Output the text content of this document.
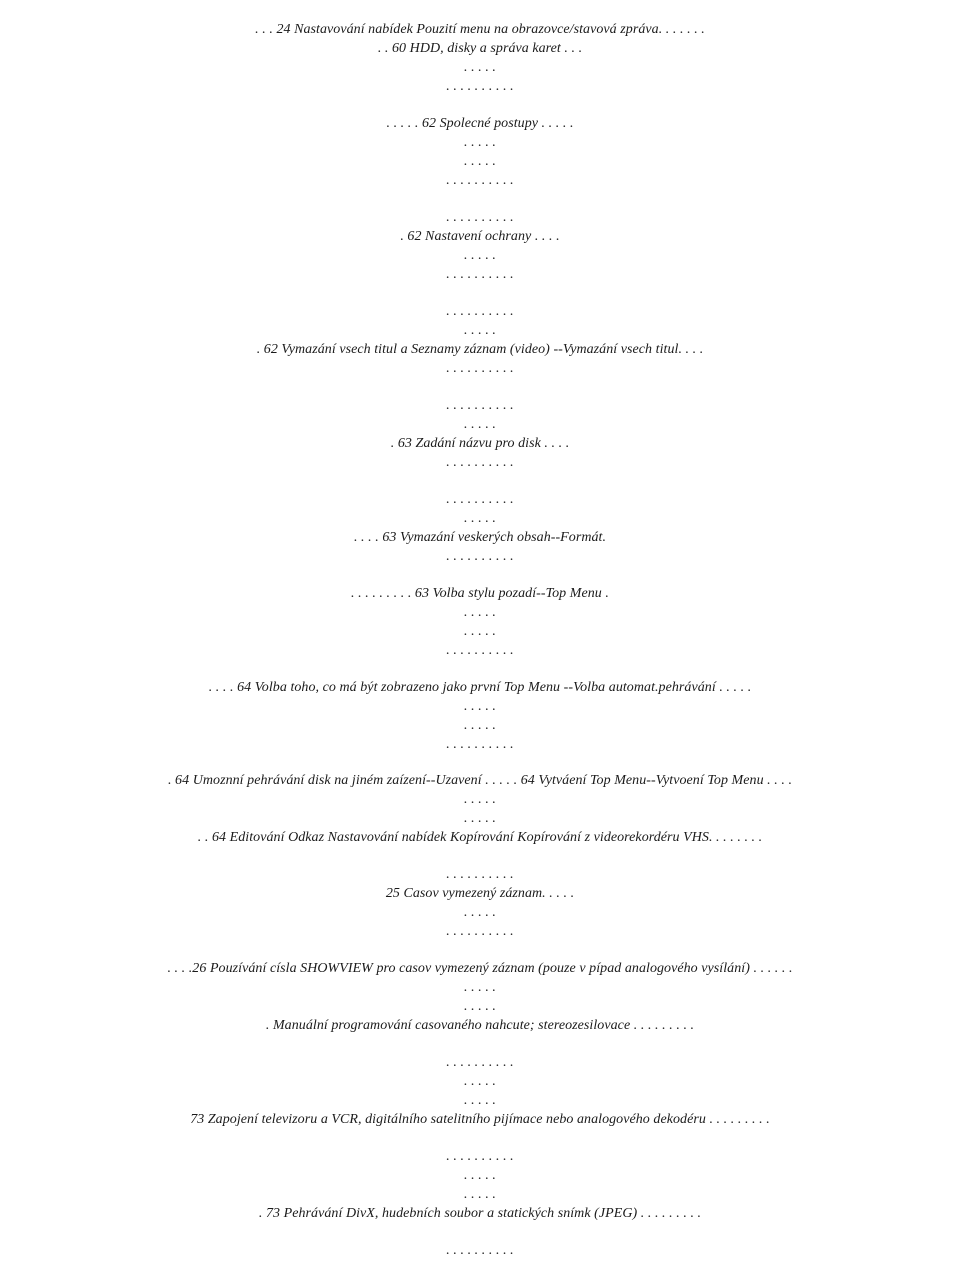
. . . 24 Nastavování nabídek Pouzití menu na obrazovce/stavová zpráva. . . . . . .
. . 60 HDD, disky a správa karet . . .
. . . . .
. . . . . . . . . .
. . . . . 62 Spolecné postupy . . . . .
. . . . .
. . . . .
. . . . . . . . . .
. . . . . . . . . .
. 62 Nastavení ochrany . . . .
. . . . .
. . . . . . . . . .
. . . . . . . . . .
. . . . .
. 62 Vymazání vsech titul a Seznamy záznam (video) --Vymazání vsech titul. . . .
. . . . . . . . . .
. . . . . . . . . .
. . . . .
. 63 Zadání názvu pro disk . . . .
. . . . . . . . . .
. . . . . . . . . .
. . . . .
. . . . 63 Vymazání veskerých obsah--Formát.
. . . . . . . . . .
. . . . . . . . . 63 Volba stylu pozadí--Top Menu .
. . . . .
. . . . .
. . . . . . . . . .
. . . . 64 Volba toho, co má být zobrazeno jako první Top Menu --Volba automat.pehrávání . . . . .
. . . . .
. . . . .
. . . . . . . . . .
. 64 Umoznní pehrávání disk na jiném zaízení--Uzavení . . . . . 64 Vytváení Top Menu--Vytvoení Top Menu . . . .
. . . . .
. . . . .
. . 64 Editování Odkaz Nastavování nabídek Kopírování Kopírování z videorekordéru VHS. . . . . . . .
. . . . . . . . . .
25 Casov vymezený záznam. . . . .
. . . . .
. . . . . . . . . .
. . . .26 Pouzívání císla SHOWVIEW pro casov vymezený záznam (pouze v pípad analogového vysílání) . . . . . .
. . . . .
. . . . .
. Manuální programování casovaného nahcute; stereozesilovace . . . . . . . . .
. . . . . . . . . .
. . . . .
. . . . .
73 Zapojení televizoru a VCR, digitálního satelitního pijímace nebo analogového dekodéru . . . . . . . . .
. . . . . . . . . .
. . . . .
. . . . .
. 73 Pehrávání DivX, hudebních soubor a statických snímk (JPEG) . . . . . . . . .
. . . . . . . . . .
